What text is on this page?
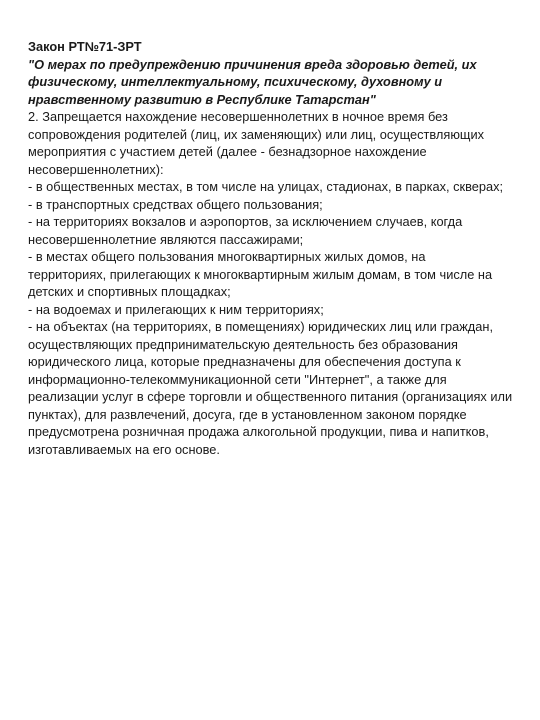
Закон РТ№71-ЗРТ
"О мерах по предупреждению причинения вреда здоровью детей, их
физическому, интеллектуальному, психическому, духовному и
нравственному развитию в Республике Татарстан"
2. Запрещается нахождение несовершеннолетних в ночное время без
сопровождения родителей (лиц, их заменяющих) или лиц, осуществляющих
мероприятия с участием детей (далее - безнадзорное нахождение
несовершеннолетних):
- в общественных местах, в том числе на улицах, стадионах, в парках, скверах;
- в транспортных средствах общего пользования;
- на территориях вокзалов и аэропортов, за исключением случаев, когда
несовершеннолетние являются пассажирами;
- в местах общего пользования многоквартирных жилых домов, на
территориях, прилегающих к многоквартирным жилым домам, в том числе на
детских и спортивных площадках;
- на водоемах и прилегающих к ним территориях;
- на объектах (на территориях, в помещениях) юридических лиц или граждан,
осуществляющих предпринимательскую деятельность без образования
юридического лица, которые предназначены для обеспечения доступа к
информационно-телекоммуникационной сети "Интернет", а также для
реализации услуг в сфере торговли и общественного питания (организациях или
пунктах), для развлечений, досуга, где в установленном законом порядке
предусмотрена розничная продажа алкогольной продукции, пива и напитков,
изготавливаемых на его основе.
